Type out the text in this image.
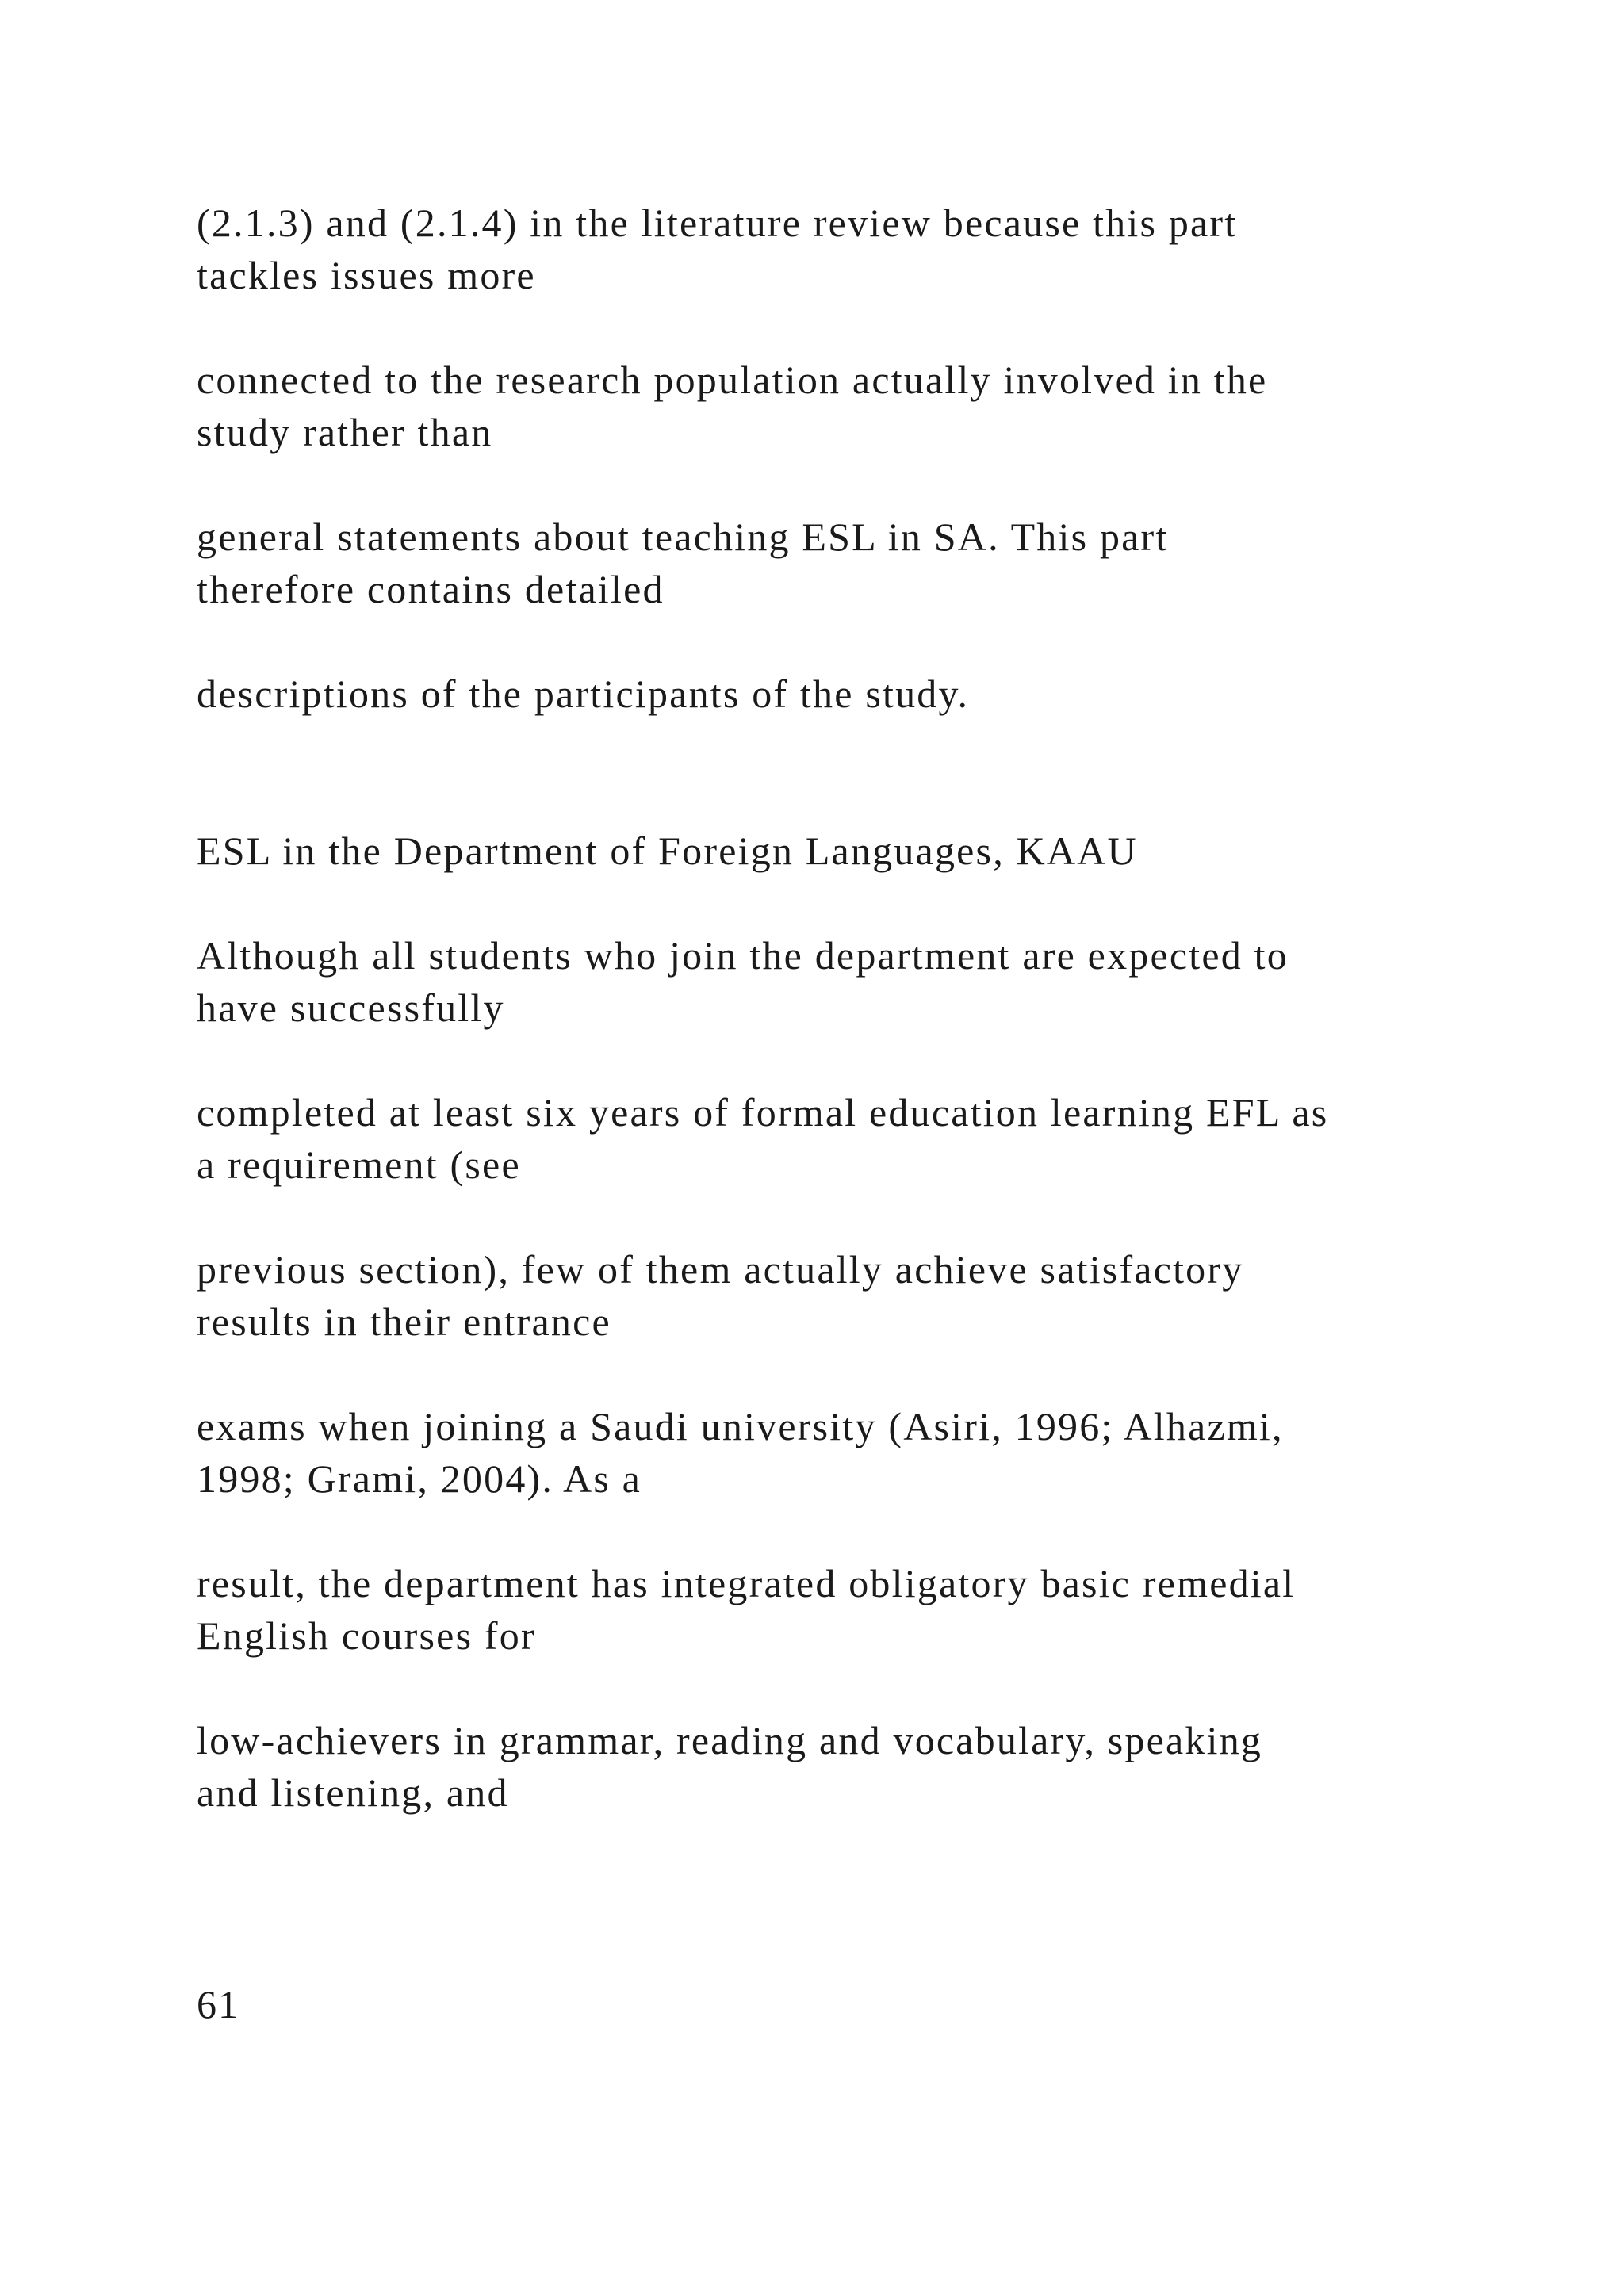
(2.1.3) and (2.1.4) in the literature review because this part
tackles issues more

connected to the research population actually involved in the
study rather than

general statements about teaching ESL in SA. This part
therefore contains detailed

descriptions of the participants of the study.

ESL in the Department of Foreign Languages, KAAU

Although all students who join the department are expected to
have successfully

completed at least six years of formal education learning EFL as
a requirement (see

previous section), few of them actually achieve satisfactory
results in their entrance

exams when joining a Saudi university (Asiri, 1996; Alhazmi,
1998; Grami, 2004). As a

result, the department has integrated obligatory basic remedial
English courses for

low-achievers in grammar, reading and vocabulary, speaking
and listening, and

61
